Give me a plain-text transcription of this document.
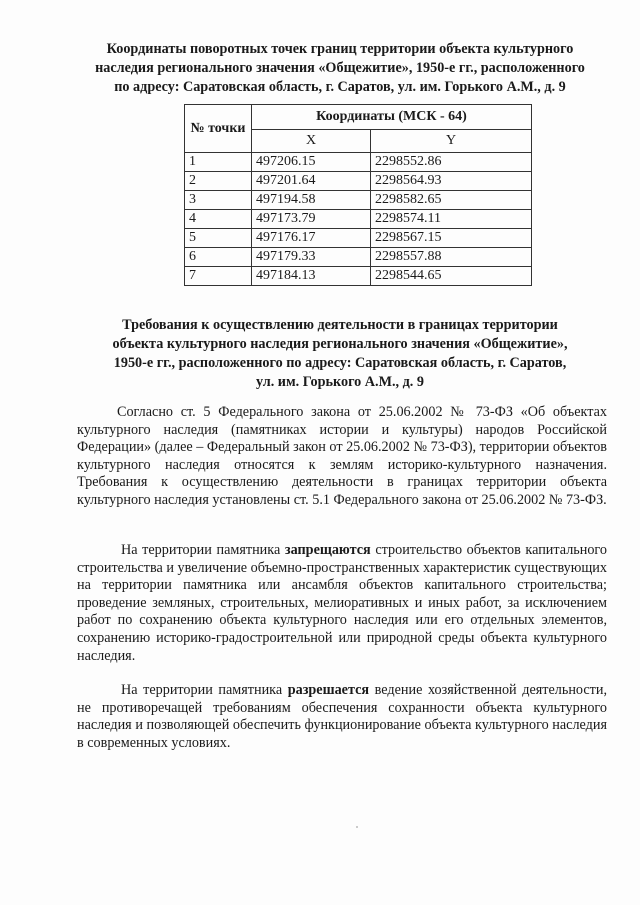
Координаты поворотных точек границ территории объекта культурного
наследия регионального значения «Общежитие», 1950-е гг., расположенного
по адресу: Саратовская область, г. Саратов, ул. им. Горького А.М., д. 9
№ точки	Координаты (МСК - 64)	
	X	Y
1	497206.15	2298552.86
2	497201.64	2298564.93
3	497194.58	2298582.65
4	497173.79	2298574.11
5	497176.17	2298567.15
6	497179.33	2298557.88
7	497184.13	2298544.65
Требования к осуществлению деятельности в границах территории
объекта культурного наследия регионального значения «Общежитие»,
1950-е гг., расположенного по адресу: Саратовская область, г. Саратов,
ул. им. Горького А.М., д. 9
Согласно ст. 5 Федерального закона от 25.06.2002 № 73-ФЗ «Об объектах культурного наследия (памятниках истории и культуры) народов Российской Федерации» (далее – Федеральный закон от 25.06.2002 № 73-ФЗ), территории объектов культурного наследия относятся к землям историко-культурного назначения. Требования к осуществлению деятельности в границах территории объекта культурного наследия установлены ст. 5.1 Федерального закона от 25.06.2002 № 73-ФЗ.
На территории памятника запрещаются строительство объектов капитального строительства и увеличение объемно-пространственных характеристик существующих на территории памятника или ансамбля объектов капитального строительства; проведение земляных, строительных, мелиоративных и иных работ, за исключением работ по сохранению объекта культурного наследия или его отдельных элементов, сохранению историко-градостроительной или природной среды объекта культурного наследия.
На территории памятника разрешается ведение хозяйственной деятельности, не противоречащей требованиям обеспечения сохранности объекта культурного наследия и позволяющей обеспечить функционирование объекта культурного наследия в современных условиях.
